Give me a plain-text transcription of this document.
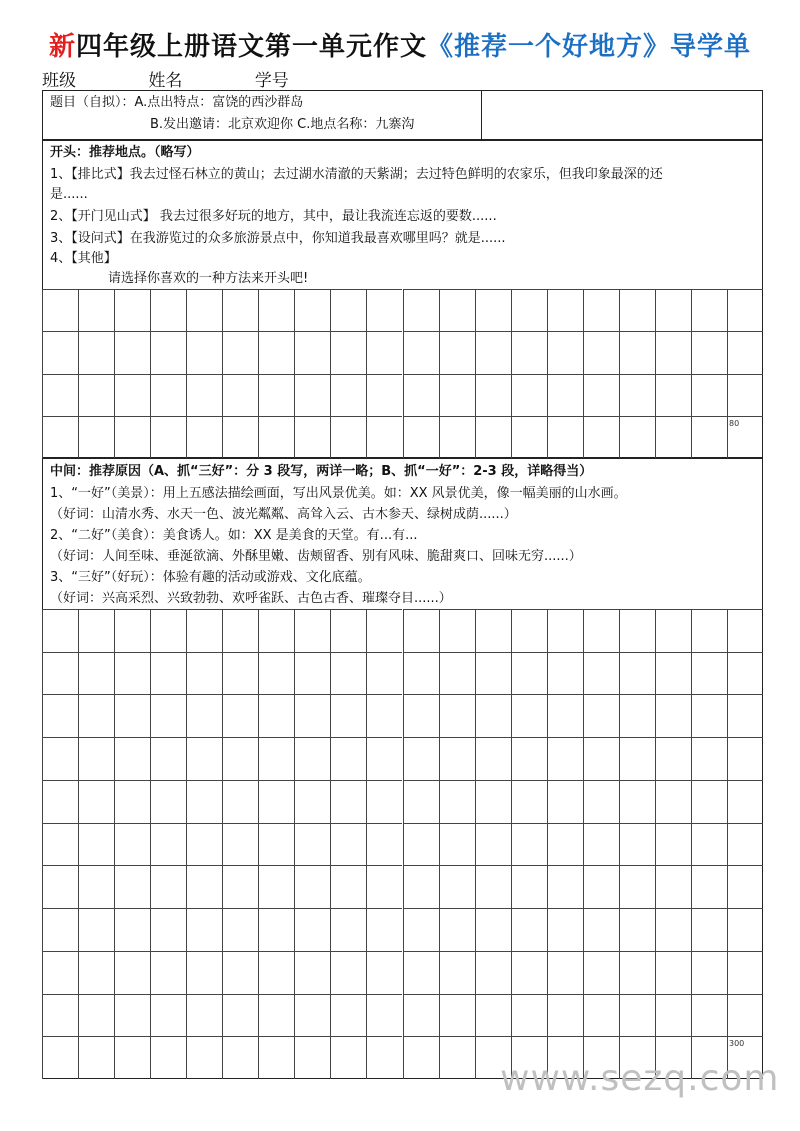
新四年级上册语文第一单元作文《推荐一个好地方》导学单
班级	姓名	学号
题目（自拟）：A.点出特点：富饶的西沙群岛
B.发出邀请：北京欢迎你 C.地点名称：九寨沟
开头：推荐地点。（略写）
1、【排比式】我去过怪石林立的黄山；去过湖水清澈的天紫湖；去过特色鲜明的农家乐，但我印象最深的还
是......
2、【开门见山式】 我去过很多好玩的地方，其中，最让我流连忘返的要数......
3、【设问式】在我游览过的众多旅游景点中，你知道我最喜欢哪里吗？就是......
4、【其他】
请选择你喜欢的一种方法来开头吧!
80
中间：推荐原因（A、抓“三好”：分 3 段写，两详一略；B、抓“一好”：2-3 段，详略得当）
1、“一好”（美景）：用上五感法描绘画面，写出风景优美。如：XX 风景优美，像一幅美丽的山水画。
（好词：山清水秀、水天一色、波光粼粼、高耸入云、古木参天、绿树成荫......）
2、“二好”（美食）：美食诱人。如：XX 是美食的天堂。有...有...
（好词：人间至味、垂涎欲滴、外酥里嫩、齿颊留香、别有风味、脆甜爽口、回味无穷......）
3、“三好”（好玩）：体验有趣的活动或游戏、文化底蕴。
（好词：兴高采烈、兴致勃勃、欢呼雀跃、古色古香、璀璨夺目......）
300
www.sezq.com
